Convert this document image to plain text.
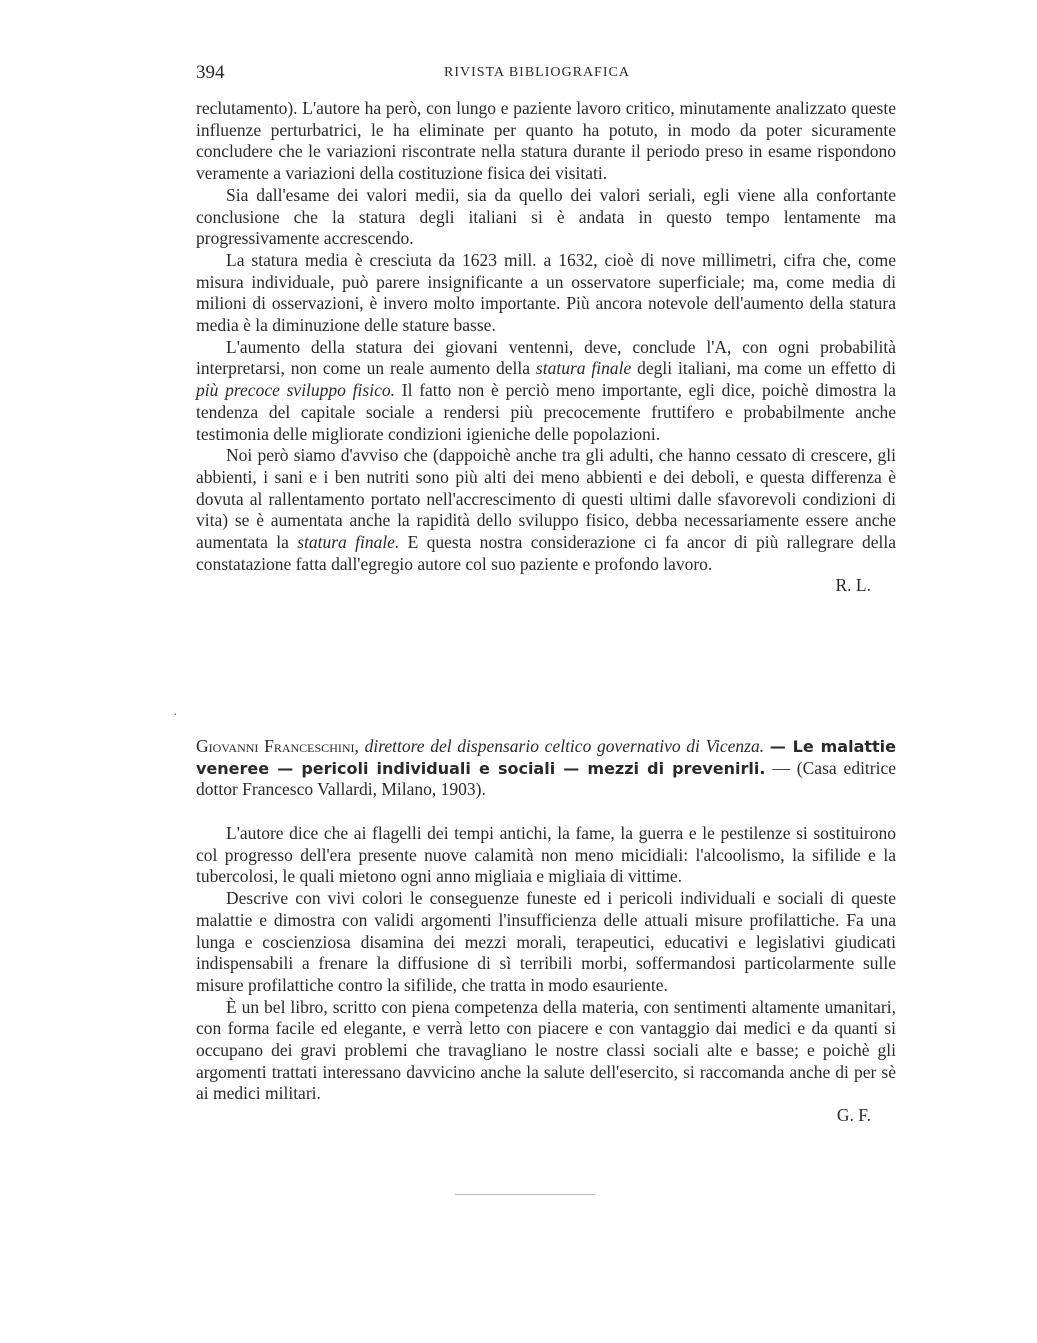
394	RIVISTA BIBLIOGRAFICA

reclutamento). L'autore ha però, con lungo e paziente lavoro critico, minutamente analizzato queste influenze perturbatrici, le ha eliminate per quanto ha potuto, in modo da poter sicuramente concludere che le variazioni riscontrate nella statura durante il periodo preso in esame rispondono veramente a variazioni della costituzione fisica dei visitati.

Sia dall'esame dei valori medii, sia da quello dei valori seriali, egli viene alla confortante conclusione che la statura degli italiani si è andata in questo tempo lentamente ma progressivamente accrescendo.

La statura media è cresciuta da 1623 mill. a 1632, cioè di nove millimetri, cifra che, come misura individuale, può parere insignificante a un osservatore superficiale; ma, come media di milioni di osservazioni, è invero molto importante. Più ancora notevole dell'aumento della statura media è la diminuzione delle stature basse.

L'aumento della statura dei giovani ventenni, deve, conclude l'A, con ogni probabilità interpretarsi, non come un reale aumento della statura finale degli italiani, ma come un effetto di più precoce sviluppo fisico. Il fatto non è perciò meno importante, egli dice, poichè dimostra la tendenza del capitale sociale a rendersi più precocemente fruttifero e probabilmente anche testimonia delle migliorate condizioni igieniche delle popolazioni.

Noi però siamo d'avviso che (dappoichè anche tra gli adulti, che hanno cessato di crescere, gli abbienti, i sani e i ben nutriti sono più alti dei meno abbienti e dei deboli, e questa differenza è dovuta al rallentamento portato nell'accrescimento di questi ultimi dalle sfavorevoli condizioni di vita) se è aumentata anche la rapidità dello sviluppo fisico, debba necessariamente essere anche aumentata la statura finale. E questa nostra considerazione ci fa ancor di più rallegrare della constatazione fatta dall'egregio autore col suo paziente e profondo lavoro.

R. L.
·

Giovanni Franceschini, direttore del dispensario celtico governativo di Vicenza. — Le malattie veneree — pericoli individuali e sociali — mezzi di prevenirli. — (Casa editrice dottor Francesco Vallardi, Milano, 1903).

L'autore dice che ai flagelli dei tempi antichi, la fame, la guerra e le pestilenze si sostituirono col progresso dell'era presente nuove calamità non meno micidiali: l'alcoolismo, la sifilide e la tubercolosi, le quali mietono ogni anno migliaia e migliaia di vittime.

Descrive con vivi colori le conseguenze funeste ed i pericoli individuali e sociali di queste malattie e dimostra con validi argomenti l'insufficienza delle attuali misure profilattiche. Fa una lunga e coscienziosa disamina dei mezzi morali, terapeutici, educativi e legislativi giudicati indispensabili a frenare la diffusione di sì terribili morbi, soffermandosi particolarmente sulle misure profilattiche contro la sifilide, che tratta in modo esauriente.

È un bel libro, scritto con piena competenza della materia, con sentimenti altamente umanitari, con forma facile ed elegante, e verrà letto con piacere e con vantaggio dai medici e da quanti si occupano dei gravi problemi che travagliano le nostre classi sociali alte e basse; e poichè gli argomenti trattati interessano davvicino anche la salute dell'esercito, si raccomanda anche di per sè ai medici militari.

G. F.
